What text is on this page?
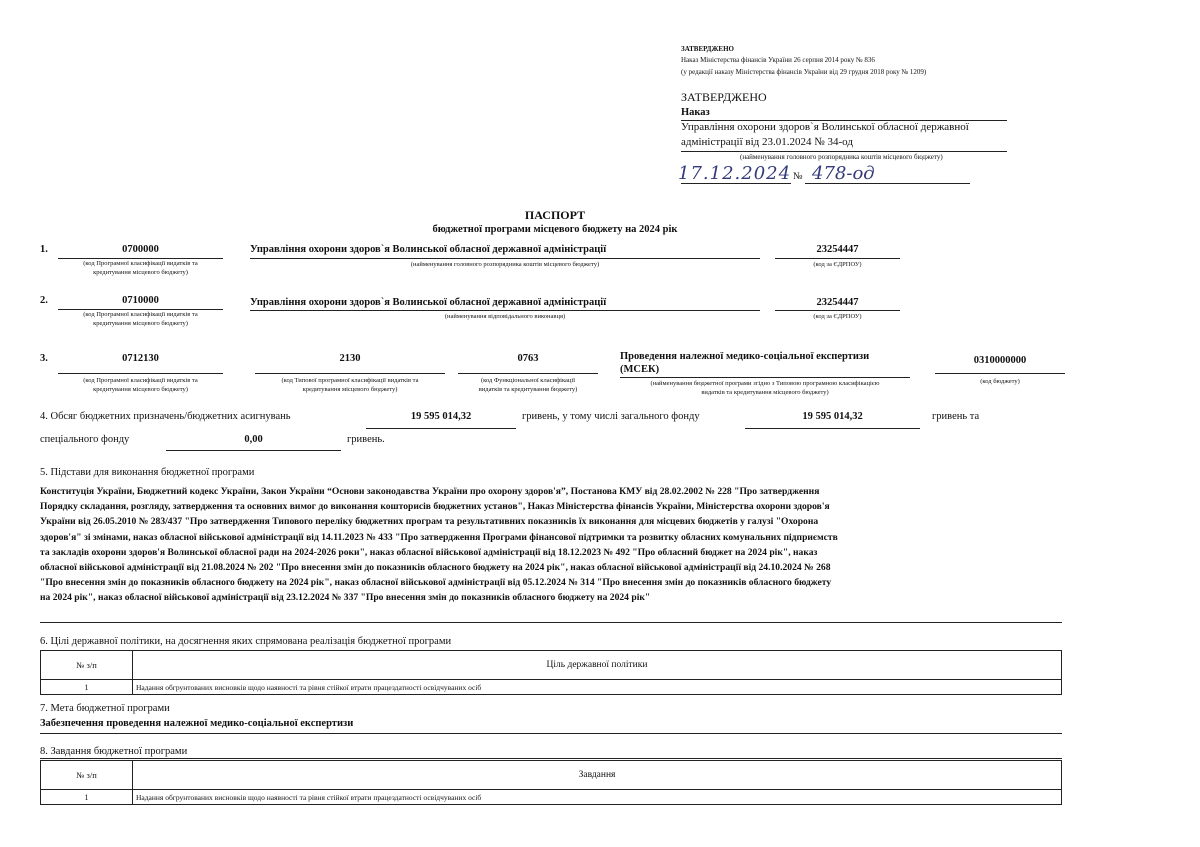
ЗАТВЕРДЖЕНО
Наказ Міністерства фінансів України 26 серпня 2014 року № 836
(у редакції наказу Міністерства фінансів України від 29 грудня 2018 року № 1209)
ЗАТВЕРДЖЕНО
Наказ
Управління охорони здоров`я Волинської обласної державної
адміністрації від 23.01.2024 № 34-од
(найменування головного розпорядника коштів місцевого бюджету)
17.12.2024 № 478-од
ПАСПОРТ
бюджетної програми місцевого бюджету на 2024 рік
1.	0700000
(код Програмної класифікації видатків та
кредитування місцевого бюджету)
Управління охорони здоров`я Волинської обласної державної адміністрації
(найменування головного розпорядника коштів місцевого бюджету)
23254447
(код за ЄДРПОУ)
2.	0710000
(код Програмної класифікації видатків та
кредитування місцевого бюджету)
Управління охорони здоров`я Волинської обласної державної адміністрації
(найменування відповідального виконавця)
23254447
(код за ЄДРПОУ)
3.	0712130
(код Програмної класифікації видатків та
кредитування місцевого бюджету)
2130
(код Типової програмної класифікації видатків та
кредитування місцевого бюджету)
0763
(код Функціональної класифікації
видатків та кредитування бюджету)
Проведення належної медико-соціальної експертизи
(МСЕК)
(найменування бюджетної програми згідно з Типовою програмною класифікацією
видатків та кредитування місцевого бюджету)
0310000000
(код бюджету)
4. Обсяг бюджетних призначень/бюджетних асигнувань	19 595 014,32	гривень, у тому числі загального фонду	19 595 014,32	гривень та
спеціального фонду	0,00	гривень.
5. Підстави для виконання бюджетної програми
Конституція України, Бюджетний кодекс України, Закон України “Основи законодавства України про охорону здоров'я”, Постанова КМУ від 28.02.2002 № 228 "Про затвердження
Порядку складання, розгляду, затвердження та основних вимог до виконання кошторисів бюджетних установ", Наказ Міністерства фінансів України, Міністерства охорони здоров'я
України від 26.05.2010 № 283/437 "Про затвердження Типового переліку бюджетних програм та результативних показників їх виконання для місцевих бюджетів у галузі "Охорона
здоров'я" зі змінами, наказ обласної військової адміністрації від 14.11.2023 № 433 "Про затвердження Програми фінансової підтримки та розвитку обласних комунальних підприємств
та закладів охорони здоров'я Волинської обласної ради на 2024-2026 роки", наказ обласної військової адміністрації від 18.12.2023 № 492 "Про обласний бюджет на 2024 рік", наказ
обласної військової адміністрації від 21.08.2024 № 202 "Про внесення змін до показників обласного бюджету на 2024 рік", наказ обласної військової адміністрації від 24.10.2024 № 268
"Про внесення змін до показників обласного бюджету на 2024 рік", наказ обласної військової адміністрації від 05.12.2024 № 314 "Про внесення змін до показників обласного бюджету
на 2024 рік", наказ обласної військової адміністрації від 23.12.2024 № 337 "Про внесення змін до показників обласного бюджету на 2024 рік"
6. Цілі державної політики, на досягнення яких спрямована реалізація бюджетної програми
№ з/п	Ціль державної політики
1	Надання обгрунтованих висновків щодо наявності та рівня стійкої втрати працездатності освідчуваних осіб
7. Мета бюджетної програми
Забезпечення проведення належної медико-соціальної експертизи
8. Завдання бюджетної програми
№ з/п	Завдання
1	Надання обгрунтованих висновків щодо наявності та рівня стійкої втрати працездатності освідчуваних осіб
